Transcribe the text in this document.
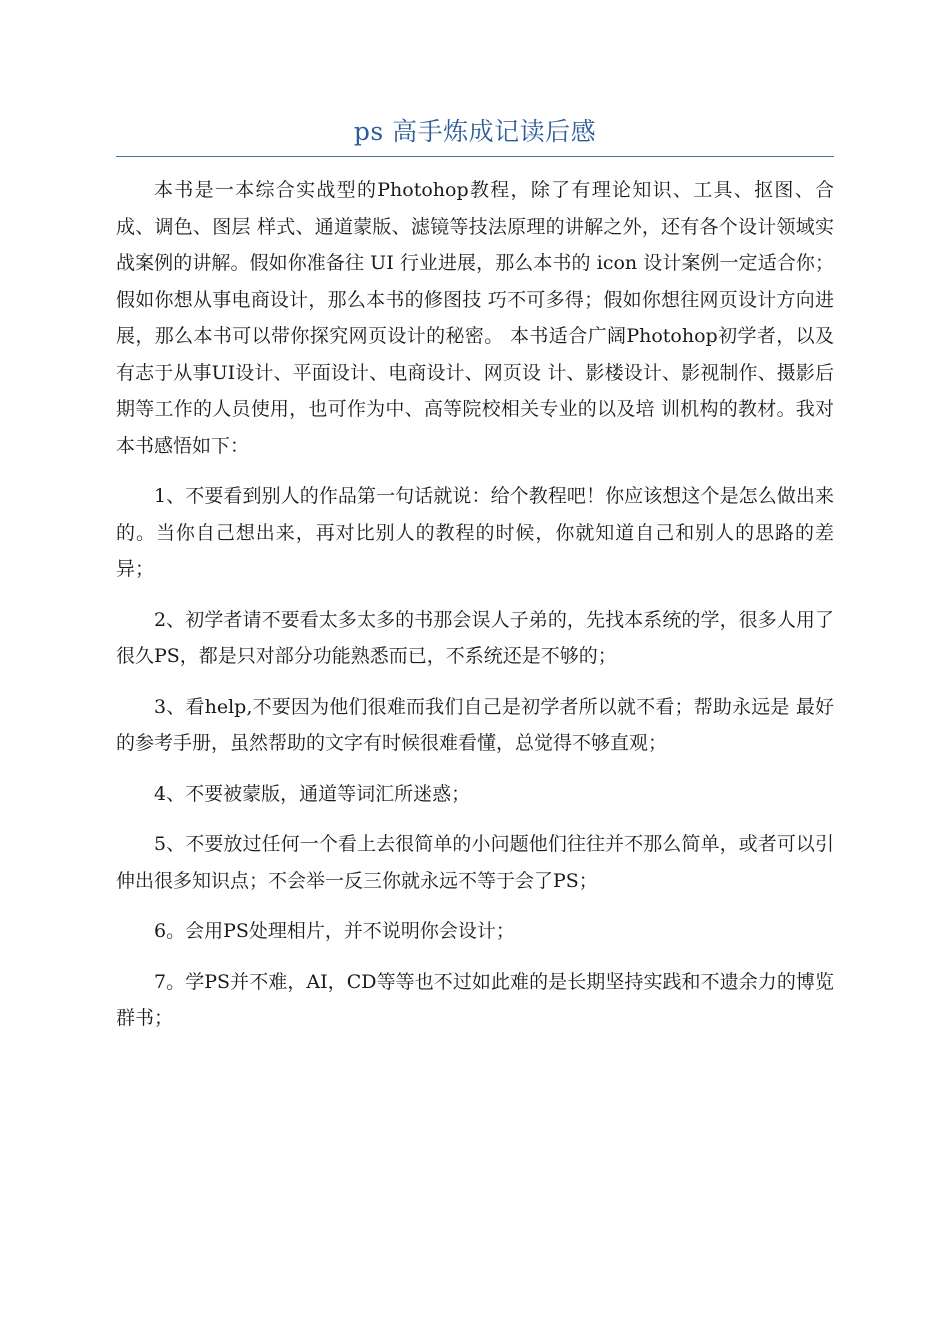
ps 高手炼成记读后感

本书是一本综合实战型的Photohop教程，除了有理论知识、工具、抠图、合成、调色、图层 样式、通道蒙版、滤镜等技法原理的讲解之外，还有各个设计领域实战案例的讲解。假如你准备往 UI 行业进展，那么本书的 icon 设计案例一定适合你；假如你想从事电商设计，那么本书的修图技 巧不可多得；假如你想往网页设计方向进展，那么本书可以带你探究网页设计的秘密。 本书适合广阔Photohop初学者，以及有志于从事UI设计、平面设计、电商设计、网页设 计、影楼设计、影视制作、摄影后期等工作的人员使用，也可作为中、高等院校相关专业的以及培 训机构的教材。我对本书感悟如下：

1、不要看到别人的作品第一句话就说：给个教程吧！你应该想这个是怎么做出来的。当你自己想出来，再对比别人的教程的时候，你就知道自己和别人的思路的差异；

2、初学者请不要看太多太多的书那会误人子弟的，先找本系统的学，很多人用了很久PS，都是只对部分功能熟悉而已，不系统还是不够的；

3、看help,不要因为他们很难而我们自己是初学者所以就不看；帮助永远是 最好的参考手册，虽然帮助的文字有时候很难看懂，总觉得不够直观；

4、不要被蒙版，通道等词汇所迷惑；

5、不要放过任何一个看上去很简单的小问题他们往往并不那么简单，或者可以引伸出很多知识点；不会举一反三你就永远不等于会了PS；

6。会用PS处理相片，并不说明你会设计；

7。学PS并不难，AI，CD等等也不过如此难的是长期坚持实践和不遗余力的博览群书；
